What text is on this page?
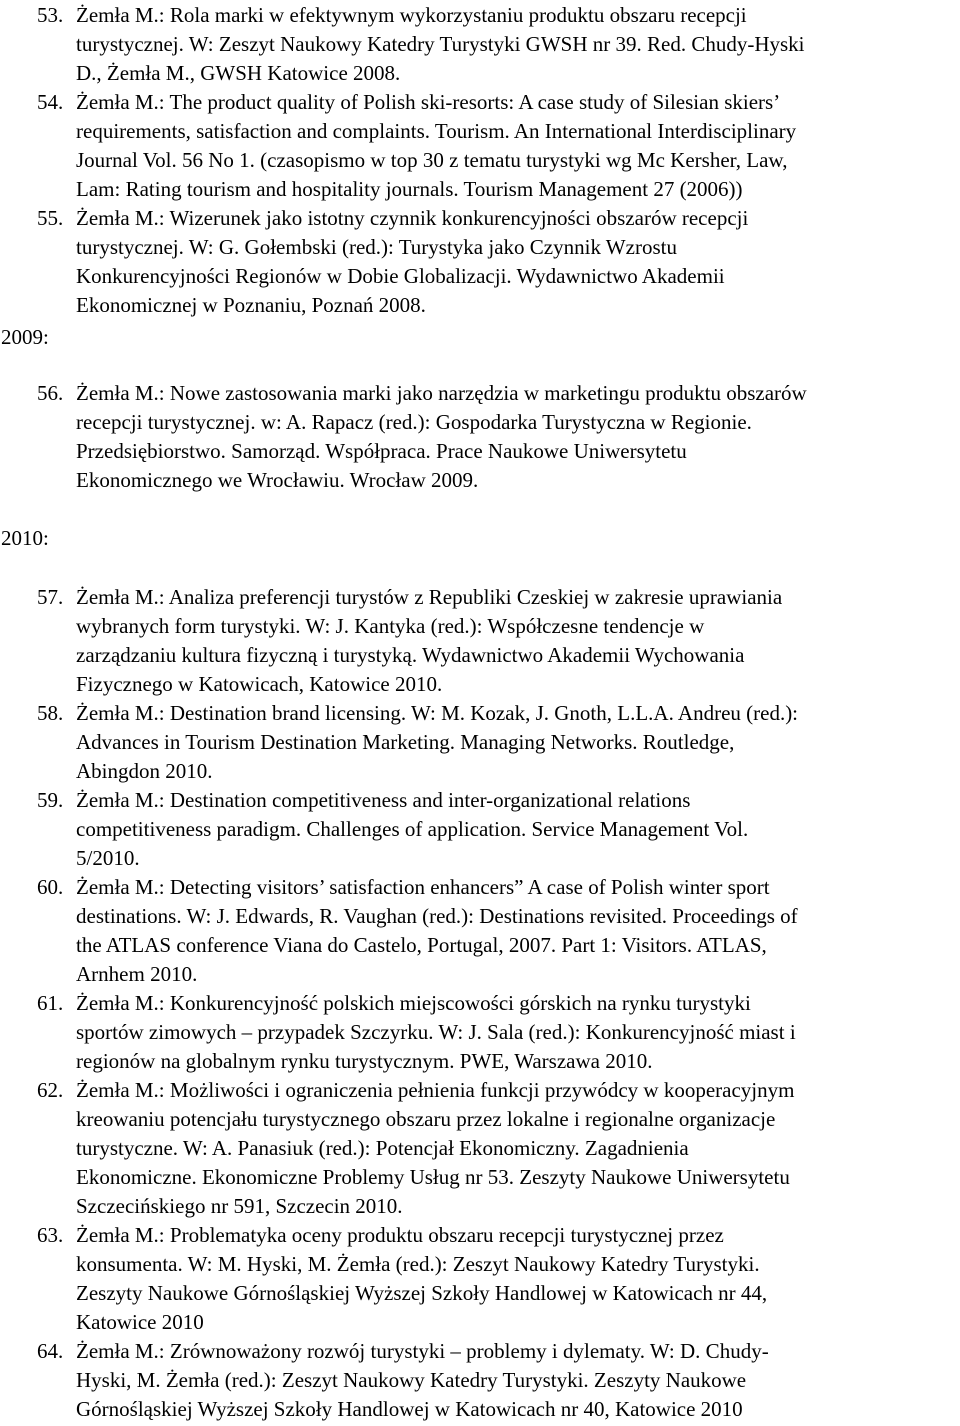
53. Żemła M.: Rola marki w efektywnym wykorzystaniu produktu obszaru recepcji
turystycznej. W: Zeszyt Naukowy Katedry Turystyki GWSH nr 39. Red. Chudy-Hyski
D., Żemła M., GWSH Katowice 2008.
54. Żemła M.: The product quality of Polish ski-resorts: A case study of Silesian skiers’
requirements, satisfaction and complaints. Tourism. An International Interdisciplinary
Journal Vol. 56 No 1. (czasopismo w top 30 z tematu turystyki wg Mc Kersher, Law,
Lam: Rating tourism and hospitality journals. Tourism Management 27 (2006))
55. Żemła M.: Wizerunek jako istotny czynnik konkurencyjności obszarów recepcji
turystycznej. W: G. Gołembski (red.): Turystyka jako Czynnik Wzrostu
Konkurencyjności Regionów w Dobie Globalizacji. Wydawnictwo Akademii
Ekonomicznej w Poznaniu, Poznań 2008.
2009:
56. Żemła M.: Nowe zastosowania marki jako narzędzia w marketingu produktu obszarów
recepcji turystycznej. w: A. Rapacz (red.): Gospodarka Turystyczna w Regionie.
Przedsiębiorstwo. Samorząd. Współpraca. Prace Naukowe Uniwersytetu
Ekonomicznego we Wrocławiu. Wrocław 2009.
2010:
57. Żemła M.: Analiza preferencji turystów z Republiki Czeskiej w zakresie uprawiania
wybranych form turystyki. W: J. Kantyka (red.): Współczesne tendencje w
zarządzaniu kultura fizyczną i turystyką. Wydawnictwo Akademii Wychowania
Fizycznego w Katowicach, Katowice 2010.
58. Żemła M.: Destination brand licensing. W: M. Kozak, J. Gnoth, L.L.A. Andreu (red.):
Advances in Tourism Destination Marketing. Managing Networks. Routledge,
Abingdon 2010.
59. Żemła M.: Destination competitiveness and inter-organizational relations
competitiveness paradigm. Challenges of application. Service Management Vol.
5/2010.
60. Żemła M.: Detecting visitors’ satisfaction enhancers” A case of Polish winter sport
destinations. W: J. Edwards, R. Vaughan (red.): Destinations revisited. Proceedings of
the ATLAS conference Viana do Castelo, Portugal, 2007. Part 1: Visitors. ATLAS,
Arnhem 2010.
61. Żemła M.: Konkurencyjność polskich miejscowości górskich na rynku turystyki
sportów zimowych – przypadek Szczyrku. W: J. Sala (red.): Konkurencyjność miast i
regionów na globalnym rynku turystycznym. PWE, Warszawa 2010.
62. Żemła M.: Możliwości i ograniczenia pełnienia funkcji przywódcy w kooperacyjnym
kreowaniu potencjału turystycznego obszaru przez lokalne i regionalne organizacje
turystyczne. W: A. Panasiuk (red.): Potencjał Ekonomiczny. Zagadnienia
Ekonomiczne. Ekonomiczne Problemy Usług nr 53. Zeszyty Naukowe Uniwersytetu
Szczecińskiego nr 591, Szczecin 2010.
63. Żemła M.: Problematyka oceny produktu obszaru recepcji turystycznej przez
konsumenta. W: M. Hyski, M. Żemła (red.): Zeszyt Naukowy Katedry Turystyki.
Zeszyty Naukowe Górnośląskiej Wyższej Szkoły Handlowej w Katowicach nr 44,
Katowice 2010
64. Żemła M.: Zrównoważony rozwój turystyki – problemy i dylematy. W: D. Chudy-
Hyski, M. Żemła (red.): Zeszyt Naukowy Katedry Turystyki. Zeszyty Naukowe
Górnośląskiej Wyższej Szkoły Handlowej w Katowicach nr 40, Katowice 2010
